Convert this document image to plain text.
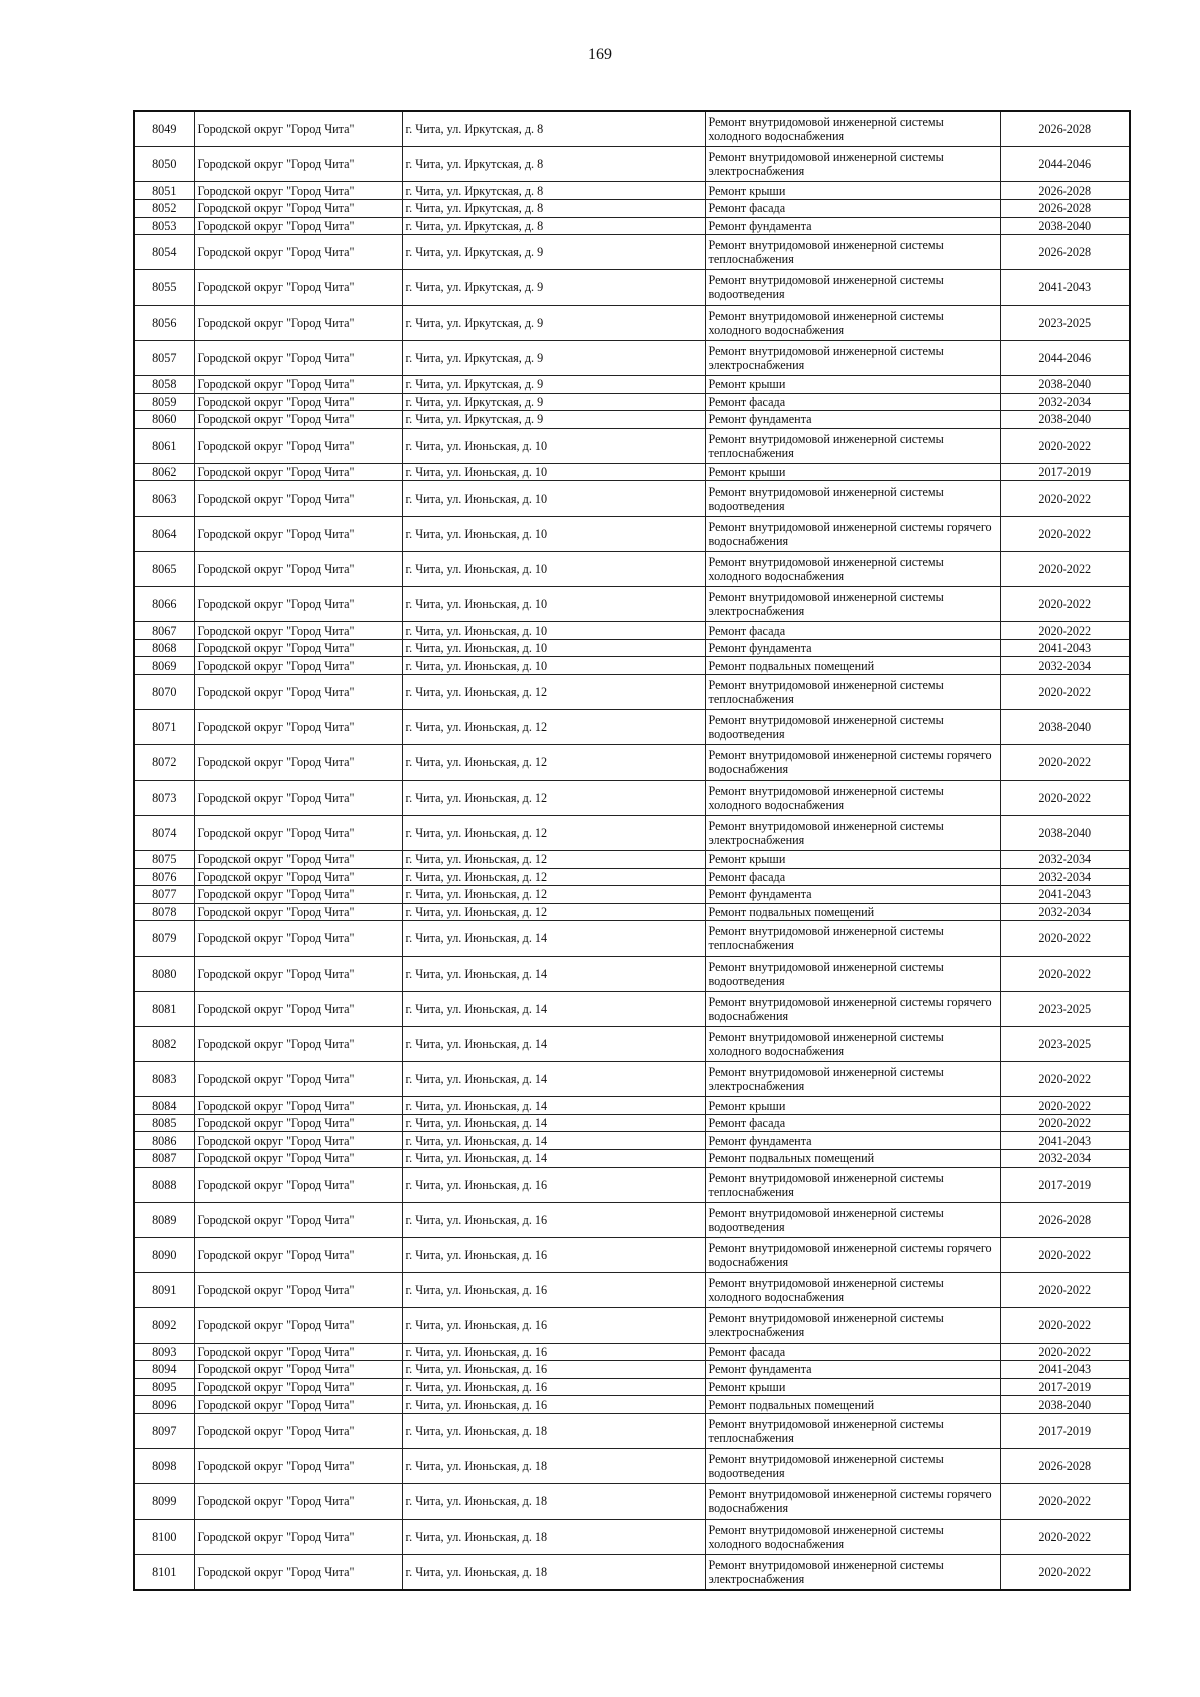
169
8049	Городской округ "Город Чита"	г. Чита, ул. Иркутская, д. 8	Ремонт внутридомовой инженерной системы холодного водоснабжения	2026-2028
8050	Городской округ "Город Чита"	г. Чита, ул. Иркутская, д. 8	Ремонт внутридомовой инженерной системы электроснабжения	2044-2046
8051	Городской округ "Город Чита"	г. Чита, ул. Иркутская, д. 8	Ремонт крыши	2026-2028
8052	Городской округ "Город Чита"	г. Чита, ул. Иркутская, д. 8	Ремонт фасада	2026-2028
8053	Городской округ "Город Чита"	г. Чита, ул. Иркутская, д. 8	Ремонт фундамента	2038-2040
8054	Городской округ "Город Чита"	г. Чита, ул. Иркутская, д. 9	Ремонт внутридомовой инженерной системы теплоснабжения	2026-2028
8055	Городской округ "Город Чита"	г. Чита, ул. Иркутская, д. 9	Ремонт внутридомовой инженерной системы водоотведения	2041-2043
8056	Городской округ "Город Чита"	г. Чита, ул. Иркутская, д. 9	Ремонт внутридомовой инженерной системы холодного водоснабжения	2023-2025
8057	Городской округ "Город Чита"	г. Чита, ул. Иркутская, д. 9	Ремонт внутридомовой инженерной системы электроснабжения	2044-2046
8058	Городской округ "Город Чита"	г. Чита, ул. Иркутская, д. 9	Ремонт крыши	2038-2040
8059	Городской округ "Город Чита"	г. Чита, ул. Иркутская, д. 9	Ремонт фасада	2032-2034
8060	Городской округ "Город Чита"	г. Чита, ул. Иркутская, д. 9	Ремонт фундамента	2038-2040
8061	Городской округ "Город Чита"	г. Чита, ул. Июньская, д. 10	Ремонт внутридомовой инженерной системы теплоснабжения	2020-2022
8062	Городской округ "Город Чита"	г. Чита, ул. Июньская, д. 10	Ремонт крыши	2017-2019
8063	Городской округ "Город Чита"	г. Чита, ул. Июньская, д. 10	Ремонт внутридомовой инженерной системы водоотведения	2020-2022
8064	Городской округ "Город Чита"	г. Чита, ул. Июньская, д. 10	Ремонт внутридомовой инженерной системы горячего водоснабжения	2020-2022
8065	Городской округ "Город Чита"	г. Чита, ул. Июньская, д. 10	Ремонт внутридомовой инженерной системы холодного водоснабжения	2020-2022
8066	Городской округ "Город Чита"	г. Чита, ул. Июньская, д. 10	Ремонт внутридомовой инженерной системы электроснабжения	2020-2022
8067	Городской округ "Город Чита"	г. Чита, ул. Июньская, д. 10	Ремонт фасада	2020-2022
8068	Городской округ "Город Чита"	г. Чита, ул. Июньская, д. 10	Ремонт фундамента	2041-2043
8069	Городской округ "Город Чита"	г. Чита, ул. Июньская, д. 10	Ремонт подвальных помещений	2032-2034
8070	Городской округ "Город Чита"	г. Чита, ул. Июньская, д. 12	Ремонт внутридомовой инженерной системы теплоснабжения	2020-2022
8071	Городской округ "Город Чита"	г. Чита, ул. Июньская, д. 12	Ремонт внутридомовой инженерной системы водоотведения	2038-2040
8072	Городской округ "Город Чита"	г. Чита, ул. Июньская, д. 12	Ремонт внутридомовой инженерной системы горячего водоснабжения	2020-2022
8073	Городской округ "Город Чита"	г. Чита, ул. Июньская, д. 12	Ремонт внутридомовой инженерной системы холодного водоснабжения	2020-2022
8074	Городской округ "Город Чита"	г. Чита, ул. Июньская, д. 12	Ремонт внутридомовой инженерной системы электроснабжения	2038-2040
8075	Городской округ "Город Чита"	г. Чита, ул. Июньская, д. 12	Ремонт крыши	2032-2034
8076	Городской округ "Город Чита"	г. Чита, ул. Июньская, д. 12	Ремонт фасада	2032-2034
8077	Городской округ "Город Чита"	г. Чита, ул. Июньская, д. 12	Ремонт фундамента	2041-2043
8078	Городской округ "Город Чита"	г. Чита, ул. Июньская, д. 12	Ремонт подвальных помещений	2032-2034
8079	Городской округ "Город Чита"	г. Чита, ул. Июньская, д. 14	Ремонт внутридомовой инженерной системы теплоснабжения	2020-2022
8080	Городской округ "Город Чита"	г. Чита, ул. Июньская, д. 14	Ремонт внутридомовой инженерной системы водоотведения	2020-2022
8081	Городской округ "Город Чита"	г. Чита, ул. Июньская, д. 14	Ремонт внутридомовой инженерной системы горячего водоснабжения	2023-2025
8082	Городской округ "Город Чита"	г. Чита, ул. Июньская, д. 14	Ремонт внутридомовой инженерной системы холодного водоснабжения	2023-2025
8083	Городской округ "Город Чита"	г. Чита, ул. Июньская, д. 14	Ремонт внутридомовой инженерной системы электроснабжения	2020-2022
8084	Городской округ "Город Чита"	г. Чита, ул. Июньская, д. 14	Ремонт крыши	2020-2022
8085	Городской округ "Город Чита"	г. Чита, ул. Июньская, д. 14	Ремонт фасада	2020-2022
8086	Городской округ "Город Чита"	г. Чита, ул. Июньская, д. 14	Ремонт фундамента	2041-2043
8087	Городской округ "Город Чита"	г. Чита, ул. Июньская, д. 14	Ремонт подвальных помещений	2032-2034
8088	Городской округ "Город Чита"	г. Чита, ул. Июньская, д. 16	Ремонт внутридомовой инженерной системы теплоснабжения	2017-2019
8089	Городской округ "Город Чита"	г. Чита, ул. Июньская, д. 16	Ремонт внутридомовой инженерной системы водоотведения	2026-2028
8090	Городской округ "Город Чита"	г. Чита, ул. Июньская, д. 16	Ремонт внутридомовой инженерной системы горячего водоснабжения	2020-2022
8091	Городской округ "Город Чита"	г. Чита, ул. Июньская, д. 16	Ремонт внутридомовой инженерной системы холодного водоснабжения	2020-2022
8092	Городской округ "Город Чита"	г. Чита, ул. Июньская, д. 16	Ремонт внутридомовой инженерной системы электроснабжения	2020-2022
8093	Городской округ "Город Чита"	г. Чита, ул. Июньская, д. 16	Ремонт фасада	2020-2022
8094	Городской округ "Город Чита"	г. Чита, ул. Июньская, д. 16	Ремонт фундамента	2041-2043
8095	Городской округ "Город Чита"	г. Чита, ул. Июньская, д. 16	Ремонт крыши	2017-2019
8096	Городской округ "Город Чита"	г. Чита, ул. Июньская, д. 16	Ремонт подвальных помещений	2038-2040
8097	Городской округ "Город Чита"	г. Чита, ул. Июньская, д. 18	Ремонт внутридомовой инженерной системы теплоснабжения	2017-2019
8098	Городской округ "Город Чита"	г. Чита, ул. Июньская, д. 18	Ремонт внутридомовой инженерной системы водоотведения	2026-2028
8099	Городской округ "Город Чита"	г. Чита, ул. Июньская, д. 18	Ремонт внутридомовой инженерной системы горячего водоснабжения	2020-2022
8100	Городской округ "Город Чита"	г. Чита, ул. Июньская, д. 18	Ремонт внутридомовой инженерной системы холодного водоснабжения	2020-2022
8101	Городской округ "Город Чита"	г. Чита, ул. Июньская, д. 18	Ремонт внутридомовой инженерной системы электроснабжения	2020-2022
